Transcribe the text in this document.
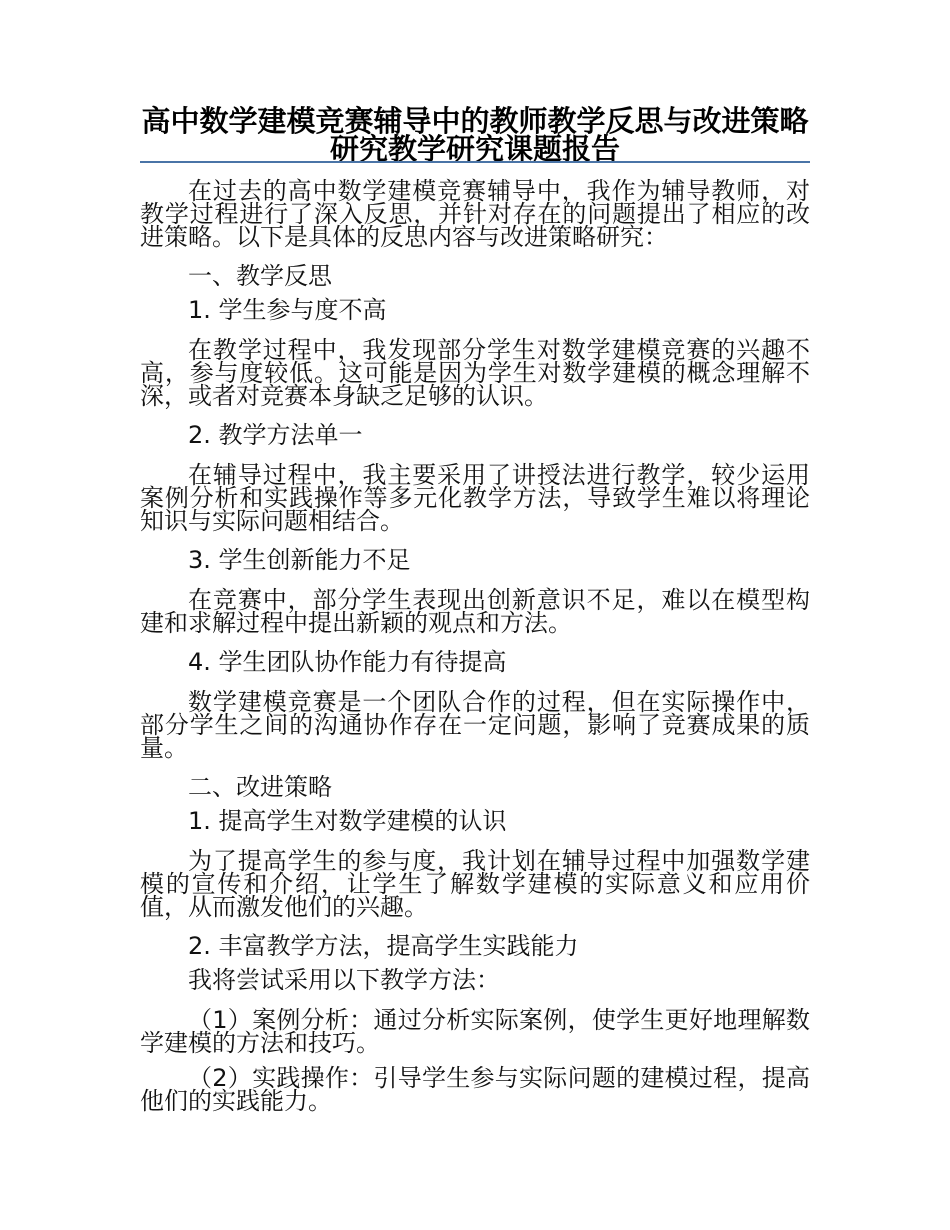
高中数学建模竞赛辅导中的教师教学反思与改进策略研究教学研究课题报告

在过去的高中数学建模竞赛辅导中，我作为辅导教师，对教学过程进行了深入反思，并针对存在的问题提出了相应的改进策略。以下是具体的反思内容与改进策略研究：

一、教学反思

1. 学生参与度不高

在教学过程中，我发现部分学生对数学建模竞赛的兴趣不高，参与度较低。这可能是因为学生对数学建模的概念理解不深，或者对竞赛本身缺乏足够的认识。

2. 教学方法单一

在辅导过程中，我主要采用了讲授法进行教学，较少运用案例分析和实践操作等多元化教学方法，导致学生难以将理论知识与实际问题相结合。

3. 学生创新能力不足

在竞赛中，部分学生表现出创新意识不足，难以在模型构建和求解过程中提出新颖的观点和方法。

4. 学生团队协作能力有待提高

数学建模竞赛是一个团队合作的过程，但在实际操作中，部分学生之间的沟通协作存在一定问题，影响了竞赛成果的质量。

二、改进策略

1. 提高学生对数学建模的认识

为了提高学生的参与度，我计划在辅导过程中加强数学建模的宣传和介绍，让学生了解数学建模的实际意义和应用价值，从而激发他们的兴趣。

2. 丰富教学方法，提高学生实践能力

我将尝试采用以下教学方法：

（1）案例分析：通过分析实际案例，使学生更好地理解数学建模的方法和技巧。

（2）实践操作：引导学生参与实际问题的建模过程，提高他们的实践能力。
